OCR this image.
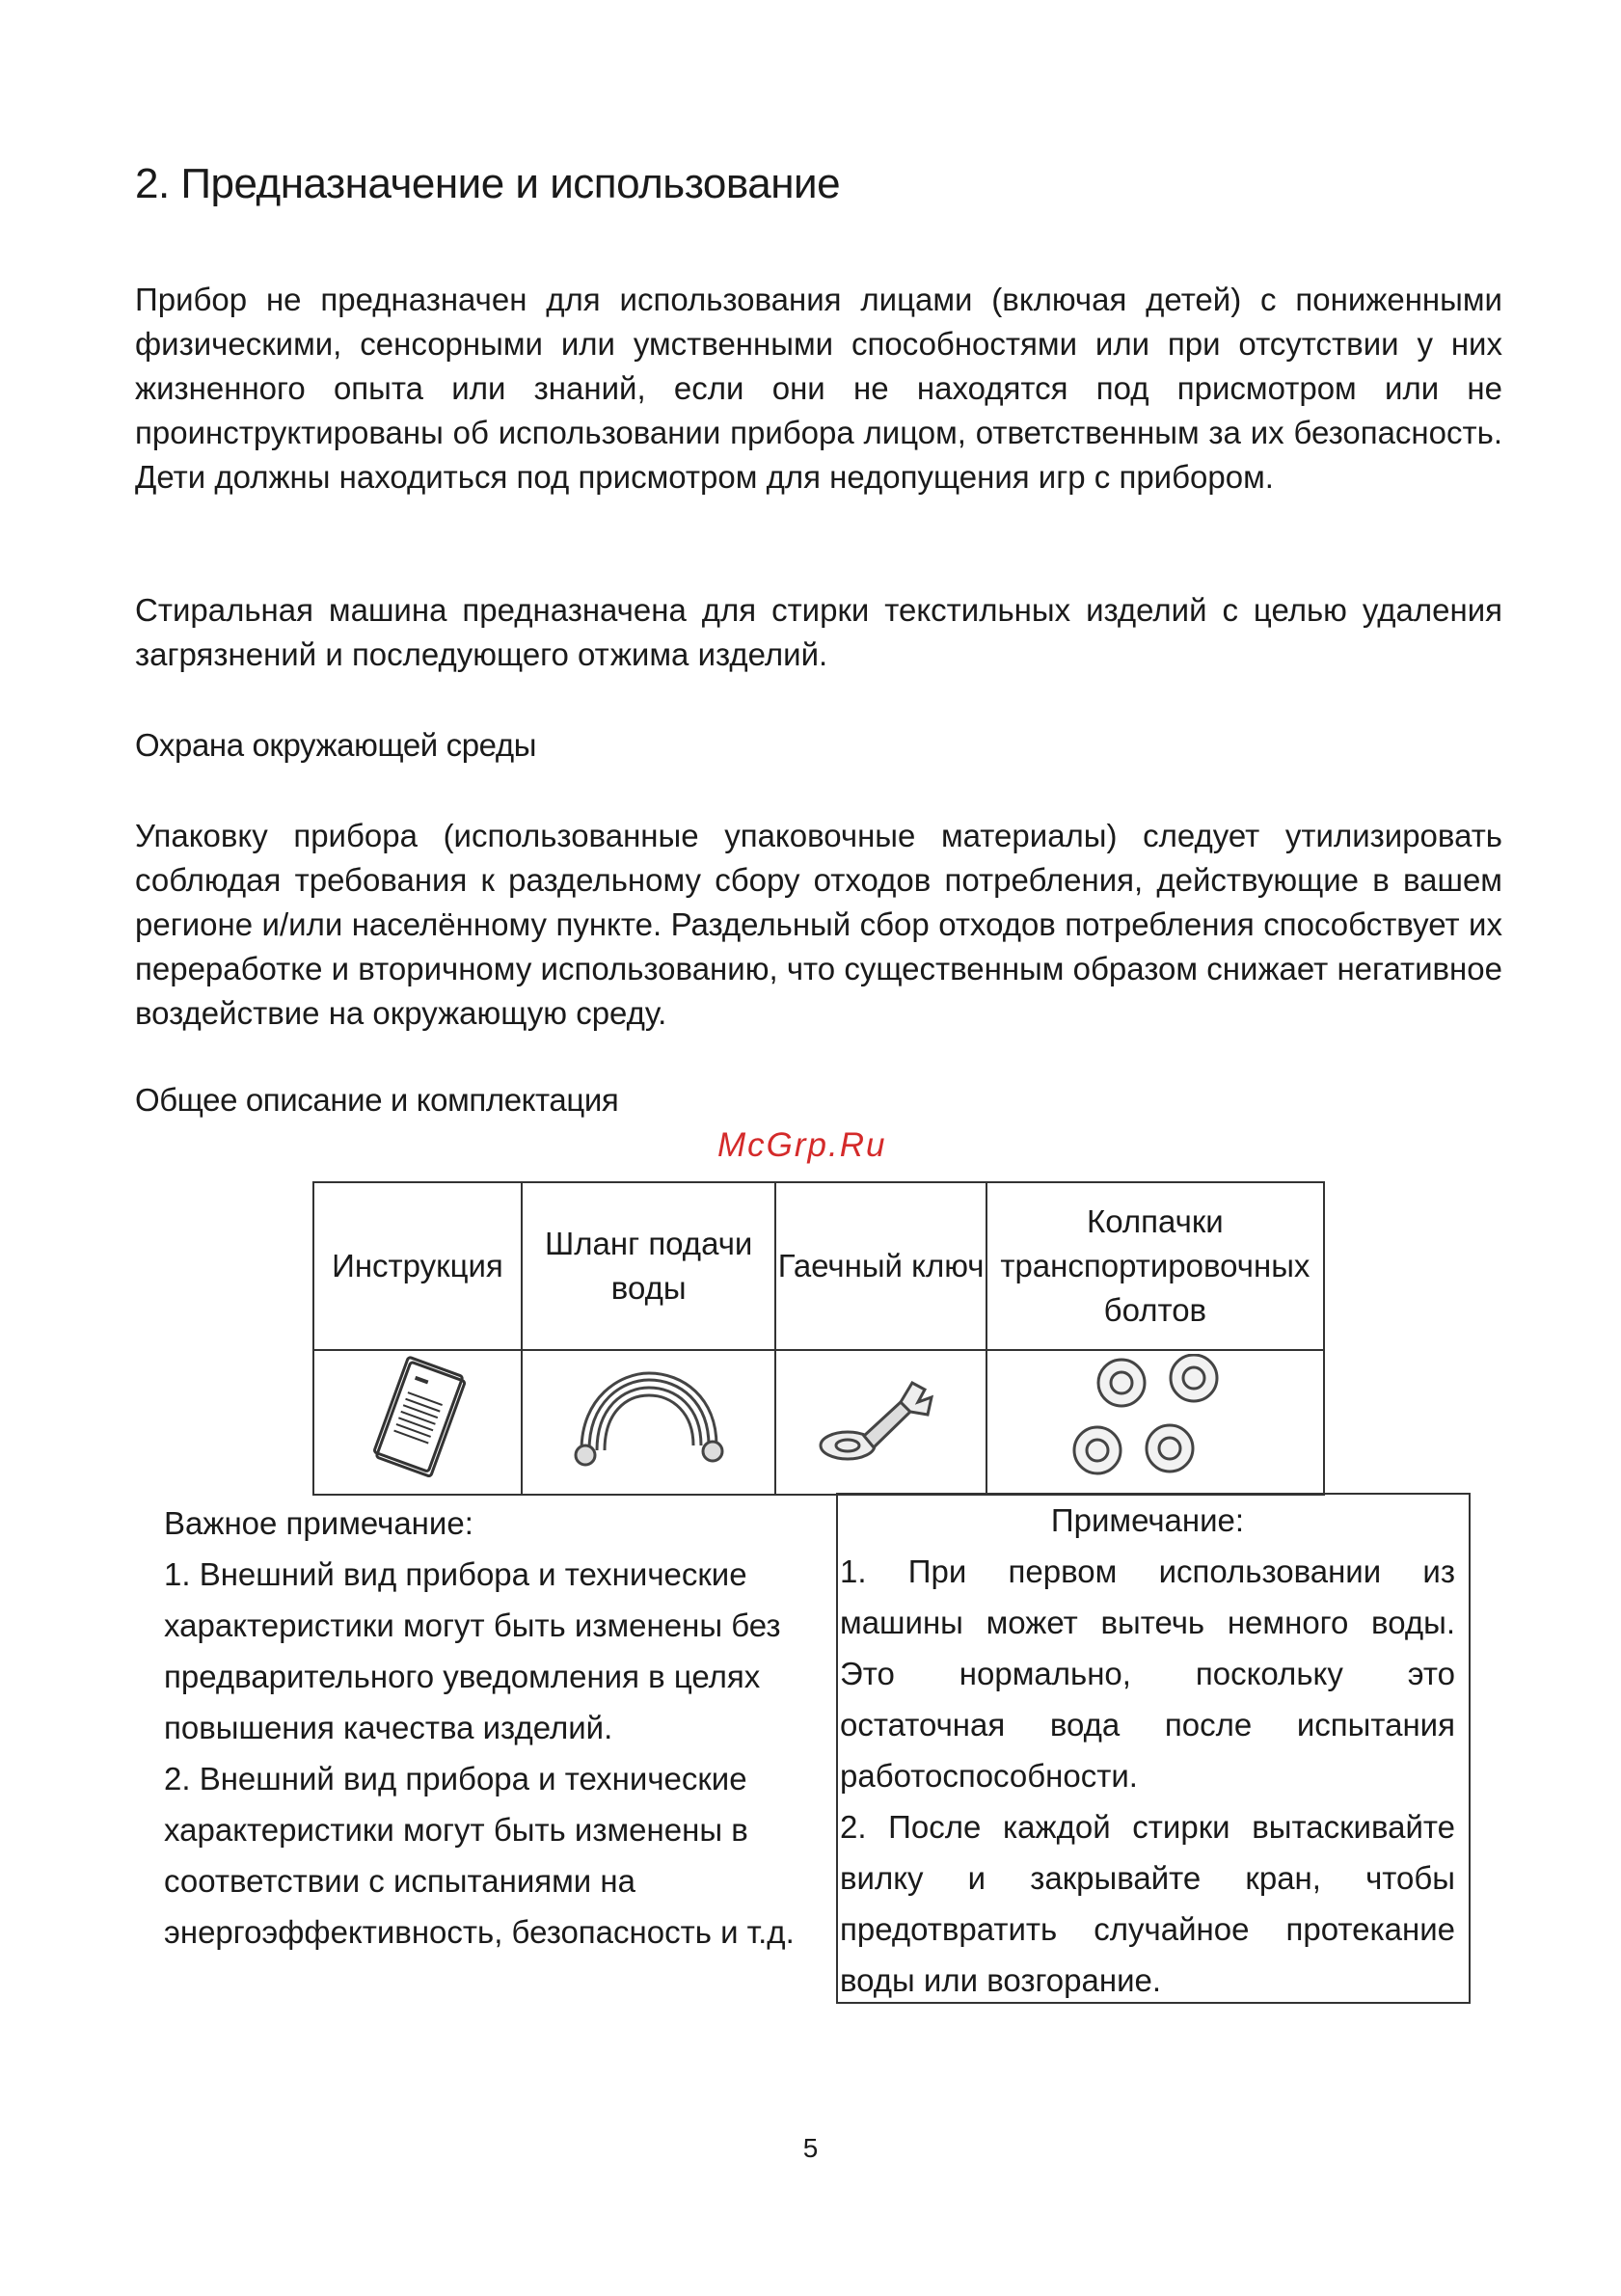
2. Предназначение и использование

Прибор не предназначен для использования лицами (включая детей) с пониженными физическими, сенсорными или умственными способностями или при отсутствии у них жизненного опыта или знаний, если они не находятся под присмотром или не проинструктированы об использовании прибора лицом, ответственным за их безопасность. Дети должны находиться под присмотром для недопущения игр с прибором.

Стиральная машина предназначена для стирки текстильных изделий с целью удаления загрязнений и последующего отжима изделий.

Охрана окружающей среды

Упаковку прибора (использованные упаковочные материалы) следует утилизировать соблюдая требования к раздельному сбору отходов потребления, действующие в вашем регионе и/или населённому пункте. Раздельный сбор отходов потребления способствует их переработке и вторичному использованию, что существенным образом снижает негативное воздействие на окружающую среду.

Общее описание и комплектация
McGrp.Ru
Инструкция	Шланг подачи воды	Гаечный ключ	Колпачки транспортировочных болтов

Важное примечание:
1. Внешний вид прибора и технические
характеристики могут быть изменены без
предварительного уведомления в целях
повышения качества изделий.
2. Внешний вид прибора и технические
характеристики могут быть изменены в
соответствии с испытаниями на
энергоэффективность, безопасность и т.д.
Примечание:
1. При первом использовании из машины может вытечь немного воды. Это нормально, поскольку это остаточная вода после испытания работоспособности.
2. После каждой стирки вытаскивайте вилку и закрывайте кран, чтобы предотвратить случайное протекание воды или возгорание.
5
